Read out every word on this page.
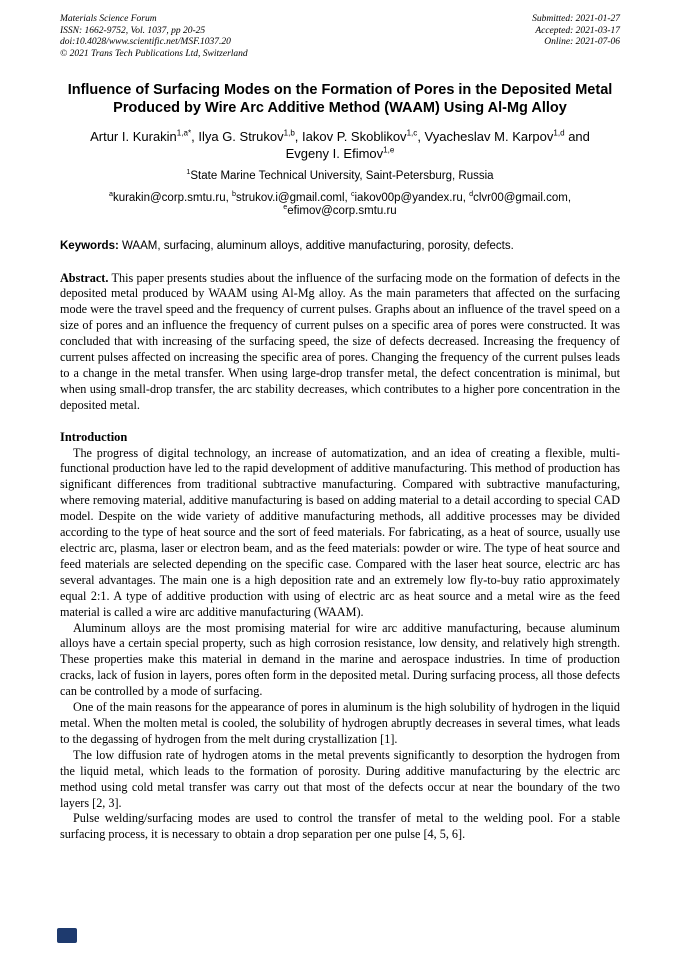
Materials Science Forum
ISSN: 1662-9752, Vol. 1037, pp 20-25
doi:10.4028/www.scientific.net/MSF.1037.20
© 2021 Trans Tech Publications Ltd, Switzerland
Submitted: 2021-01-27
Accepted: 2021-03-17
Online: 2021-07-06
Influence of Surfacing Modes on the Formation of Pores in the Deposited Metal Produced by Wire Arc Additive Method (WAAM) Using Al-Mg Alloy
Artur I. Kurakin$^{1,a*}$, Ilya G. Strukov$^{1,b}$, Iakov P. Skoblikov$^{1,c}$, Vyacheslav M. Karpov$^{1,d}$ and Evgeny I. Efimov$^{1,e}$
$^1$State Marine Technical University, Saint-Petersburg, Russia
$^a$kurakin@corp.smtu.ru, $^b$strukov.i@gmail.coml, $^c$iakov00p@yandex.ru, $^d$clvr00@gmail.com, $^e$efimov@corp.smtu.ru
Keywords: WAAM, surfacing, aluminum alloys, additive manufacturing, porosity, defects.
Abstract. This paper presents studies about the influence of the surfacing mode on the formation of defects in the deposited metal produced by WAAM using Al-Mg alloy. As the main parameters that affected on the surfacing mode were the travel speed and the frequency of current pulses. Graphs about an influence of the travel speed on a size of pores and an influence the frequency of current pulses on a specific area of pores were constructed. It was concluded that with increasing of the surfacing speed, the size of defects decreased. Increasing the frequency of current pulses affected on increasing the specific area of pores. Changing the frequency of the current pulses leads to a change in the metal transfer. When using large-drop transfer metal, the defect concentration is minimal, but when using small-drop transfer, the arc stability decreases, which contributes to a higher pore concentration in the deposited metal.
Introduction

The progress of digital technology, an increase of automatization, and an idea of creating a flexible, multi-functional production have led to the rapid development of additive manufacturing. This method of production has significant differences from traditional subtractive manufacturing. Compared with subtractive manufacturing, where removing material, additive manufacturing is based on adding material to a detail according to special CAD model. Despite on the wide variety of additive manufacturing methods, all additive processes may be divided according to the type of heat source and the sort of feed materials. For fabricating, as a heat of source, usually use electric arc, plasma, laser or electron beam, and as the feed materials: powder or wire. The type of heat source and feed materials are selected depending on the specific case. Compared with the laser heat source, electric arc has several advantages. The main one is a high deposition rate and an extremely low fly-to-buy ratio approximately equal 2:1. A type of additive production with using of electric arc as heat source and a metal wire as the feed material is called a wire arc additive manufacturing (WAAM).

Aluminum alloys are the most promising material for wire arc additive manufacturing, because aluminum alloys have a certain special property, such as high corrosion resistance, low density, and relatively high strength. These properties make this material in demand in the marine and aerospace industries. In time of production cracks, lack of fusion in layers, pores often form in the deposited metal. During surfacing process, all those defects can be controlled by a mode of surfacing.

One of the main reasons for the appearance of pores in aluminum is the high solubility of hydrogen in the liquid metal. When the molten metal is cooled, the solubility of hydrogen abruptly decreases in several times, what leads to the degassing of hydrogen from the melt during crystallization [1].

The low diffusion rate of hydrogen atoms in the metal prevents significantly to desorption the hydrogen from the liquid metal, which leads to the formation of porosity. During additive manufacturing by the electric arc method using cold metal transfer was carry out that most of the defects occur at near the boundary of the two layers [2, 3].

Pulse welding/surfacing modes are used to control the transfer of metal to the welding pool. For a stable surfacing process, it is necessary to obtain a drop separation per one pulse [4, 5, 6].
